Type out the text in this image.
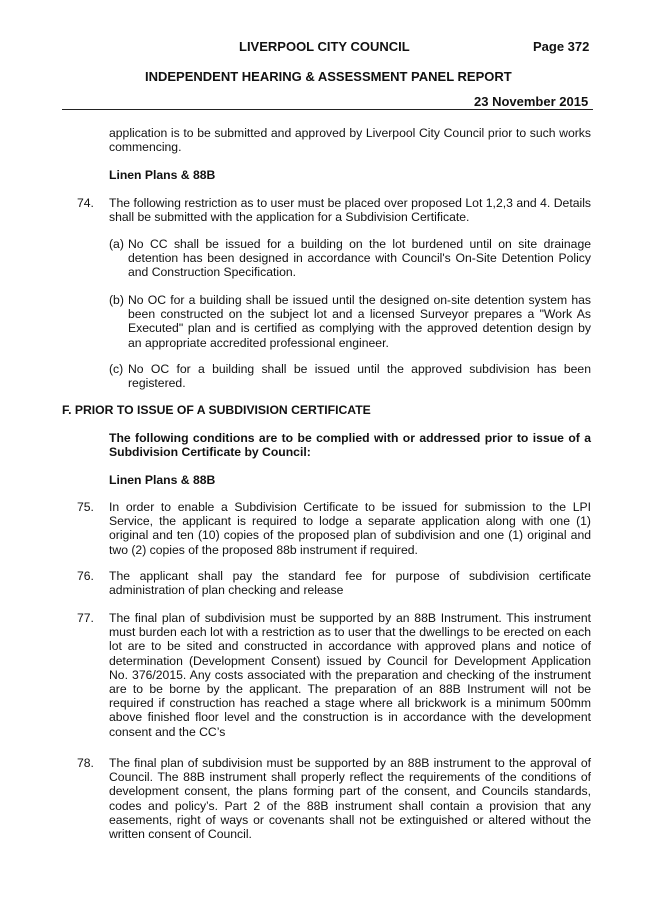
LIVERPOOL CITY COUNCIL	Page 372
INDEPENDENT HEARING & ASSESSMENT PANEL REPORT
23 November 2015
application is to be submitted and approved by Liverpool City Council prior to such works commencing.
Linen Plans & 88B
74. The following restriction as to user must be placed over proposed Lot 1,2,3 and 4. Details shall be submitted with the application for a Subdivision Certificate.
(a) No CC shall be issued for a building on the lot burdened until on site drainage detention has been designed in accordance with Council's On-Site Detention Policy and Construction Specification.
(b) No OC for a building shall be issued until the designed on-site detention system has been constructed on the subject lot and a licensed Surveyor prepares a "Work As Executed" plan and is certified as complying with the approved detention design by an appropriate accredited professional engineer.
(c) No OC for a building shall be issued until the approved subdivision has been registered.
F. PRIOR TO ISSUE OF A SUBDIVISION CERTIFICATE
The following conditions are to be complied with or addressed prior to issue of a Subdivision Certificate by Council:
Linen Plans & 88B
75. In order to enable a Subdivision Certificate to be issued for submission to the LPI Service, the applicant is required to lodge a separate application along with one (1) original and ten (10) copies of the proposed plan of subdivision and one (1) original and two (2) copies of the proposed 88b instrument if required.
76. The applicant shall pay the standard fee for purpose of subdivision certificate administration of plan checking and release
77. The final plan of subdivision must be supported by an 88B Instrument. This instrument must burden each lot with a restriction as to user that the dwellings to be erected on each lot are to be sited and constructed in accordance with approved plans and notice of determination (Development Consent) issued by Council for Development Application No. 376/2015. Any costs associated with the preparation and checking of the instrument are to be borne by the applicant. The preparation of an 88B Instrument will not be required if construction has reached a stage where all brickwork is a minimum 500mm above finished floor level and the construction is in accordance with the development consent and the CC’s
78. The final plan of subdivision must be supported by an 88B instrument to the approval of Council. The 88B instrument shall properly reflect the requirements of the conditions of development consent, the plans forming part of the consent, and Councils standards, codes and policy’s. Part 2 of the 88B instrument shall contain a provision that any easements, right of ways or covenants shall not be extinguished or altered without the written consent of Council.
